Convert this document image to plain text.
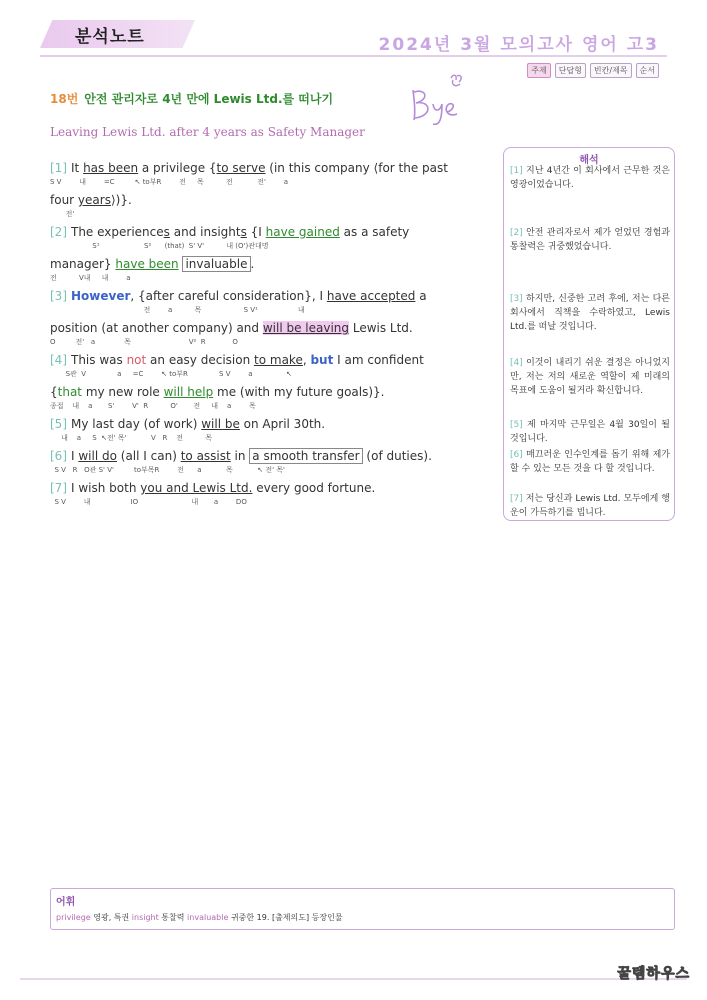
분석노트	2024년 3월 모의고사 영어 고3
주제	단답형	빈칸/제목	순서
18번 안전 관리자로 4년 만에 Lewis Ltd.를 떠나기
Leaving Lewis Ltd. after 4 years as Safety Manager
[1] It has been a privilege {to serve (in this company ⟨for the past
S V        내        =C         ↖ to부R        전     목          전           전'        a
four years⟩)}.
전'
[2] The experiences and insights {I have gained as a safety
S¹                    S²      (that)  S' V'          내 (O')관대명
manager} have been invaluable .
전          V내     내        a
[3] However, {after careful consideration}, I have accepted a
전        a          목                   S V¹                  내
position (at another company) and will be leaving Lewis Ltd.
O         전'   a             목                          V²  R            O
[4] This was not an easy decision to make, but I am confident
S관  V              a     =C        ↖ to부R              S V        a               ↖
{that my new role will help me (with my future goals)}.
종접    내    a       S'        V'  R          O'       전     내    a        목
[5] My last day (of work) will be on April 30th.
내    a     S  ↖전' 목'           V   R    전          목
[6] I will do (all I can) to assist in a smooth transfer (of duties).
S V   R   O관 S' V'         to부목R        전      a           목           ↖ 전' 목'
[7] I wish both you and Lewis Ltd. every good fortune.
S V        내                  IO                        내       a        DO
해석
[1] 지난 4년간 이 회사에서 근무한 것은 영광이었습니다.
[2] 안전 관리자로서 제가 얻었던 경험과 통찰력은 귀중했었습니다.
[3] 하지만, 신중한 고려 후에, 저는 다른 회사에서 직책을 수락하였고, Lewis Ltd.를 떠날 것입니다.
[4] 이것이 내리기 쉬운 결정은 아니었지만, 저는 저의 새로운 역할이 제 미래의 목표에 도움이 될거라 확신합니다.
[5] 제 마지막 근무일은 4월 30일이 될 것입니다.
[6] 매끄러운 인수인계를 돕기 위해 제가 할 수 있는 모든 것을 다 할 것입니다.
[7] 저는 당신과 Lewis Ltd. 모두에게 행운이 가득하기를 빕니다.
어휘
privilege 영광, 특권 insight 통찰력 invaluable 귀중한 19. [출제의도] 등장인물
꿀템하우스
